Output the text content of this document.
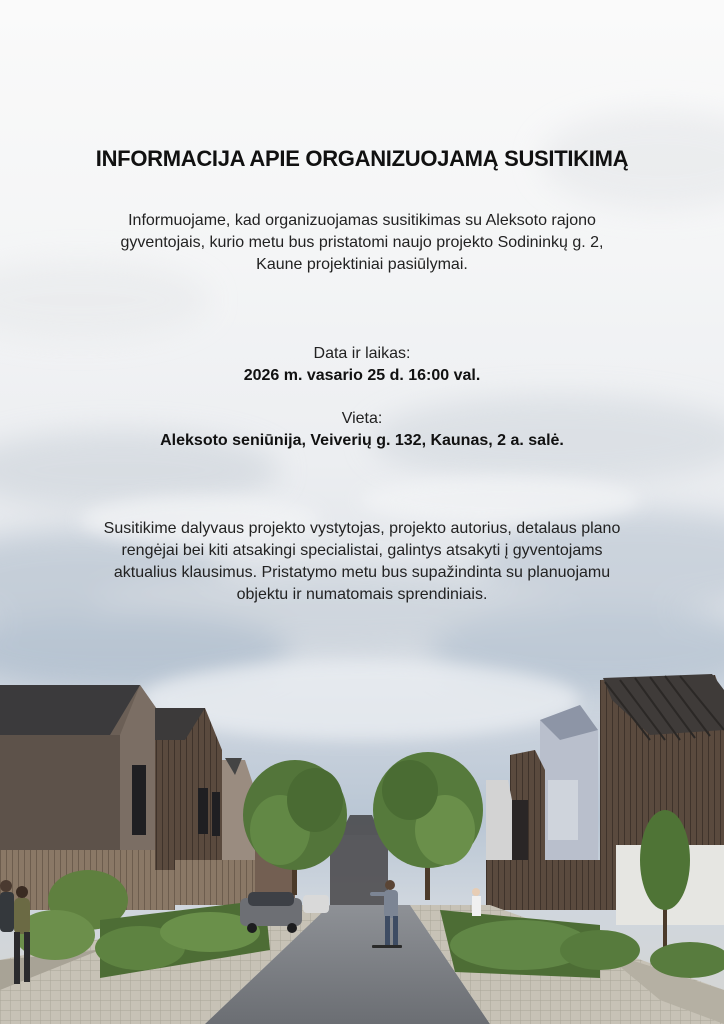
INFORMACIJA APIE ORGANIZUOJAMĄ SUSITIKIMĄ
Informuojame, kad organizuojamas susitikimas su Aleksoto rajono gyventojais, kurio metu bus pristatomi naujo projekto Sodininkų g. 2, Kaune projektiniai pasiūlymai.
Data ir laikas:
2026 m. vasario 25 d. 16:00 val.
Vieta:
Aleksoto seniūnija, Veiverių g. 132, Kaunas, 2 a. salė.
Susitikime dalyvaus projekto vystytojas, projekto autorius, detalaus plano rengėjai bei kiti atsakingi specialistai, galintys atsakyti į gyventojams aktualius klausimus. Pristatymo metu bus supažindinta su planuojamu objektu ir numatomais sprendiniais.
